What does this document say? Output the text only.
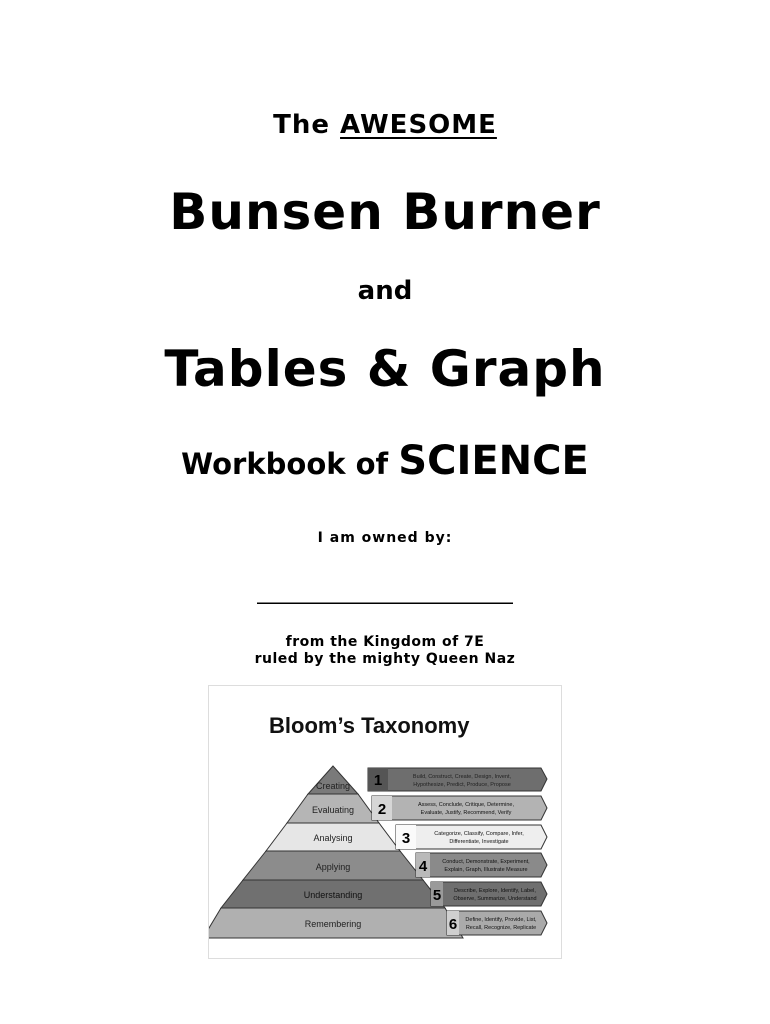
The AWESOME
Bunsen Burner
and
Tables & Graph
Workbook of SCIENCE
I am owned by:
________________________________
from the Kingdom of 7E
ruled by the mighty Queen Naz
Bloom’s Taxonomy
Creating
Evaluating
Analysing
Applying
Understanding
Remembering
1	Build, Construct, Create, Design, Invent,
Hypothesize, Predict, Produce, Propose
2	Assess, Conclude, Critique, Determine,
Evaluate, Justify, Recommend, Verify
3	Categorize, Classify, Compare, Infer,
Differentiate, Investigate
4	Conduct, Demonstrate, Experiment,
Explain, Graph, Illustrate Measure
5 Describe, Explore, Identify, Label,
Observe, Summarize, Understand
6 Define, Identify, Provide, List,
Recall, Recognize, Replicate
